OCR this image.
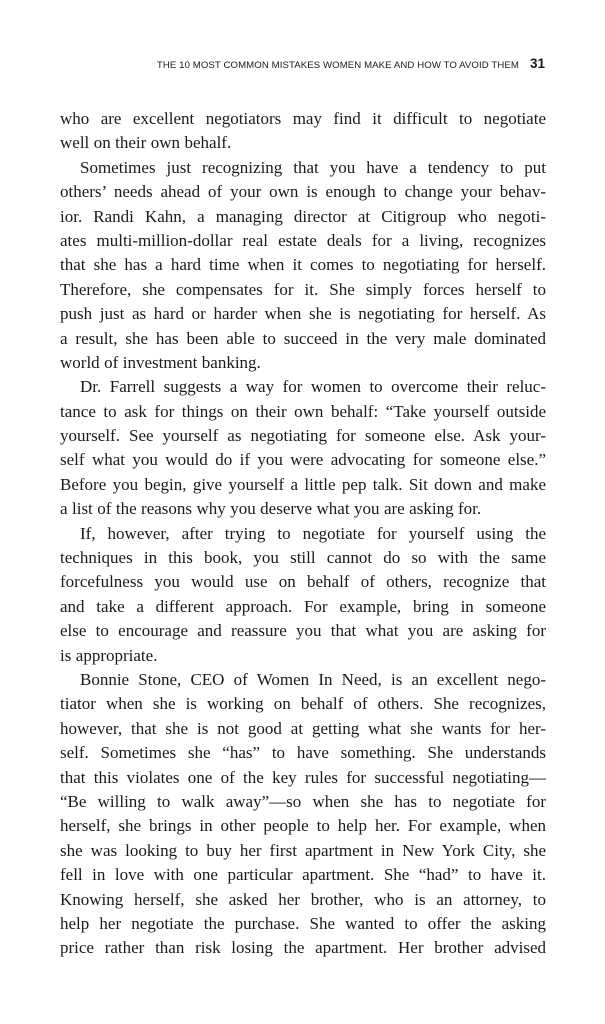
THE 10 MOST COMMON MISTAKES WOMEN MAKE AND HOW TO AVOID THEM 31
who are excellent negotiators may find it difficult to negotiate
well on their own behalf.
Sometimes just recognizing that you have a tendency to put
others’ needs ahead of your own is enough to change your behav-
ior. Randi Kahn, a managing director at Citigroup who negoti-
ates multi-million-dollar real estate deals for a living, recognizes
that she has a hard time when it comes to negotiating for herself.
Therefore, she compensates for it. She simply forces herself to
push just as hard or harder when she is negotiating for herself. As
a result, she has been able to succeed in the very male dominated
world of investment banking.
Dr. Farrell suggests a way for women to overcome their reluc-
tance to ask for things on their own behalf: “Take yourself outside
yourself. See yourself as negotiating for someone else. Ask your-
self what you would do if you were advocating for someone else.”
Before you begin, give yourself a little pep talk. Sit down and make
a list of the reasons why you deserve what you are asking for.
If, however, after trying to negotiate for yourself using the
techniques in this book, you still cannot do so with the same
forcefulness you would use on behalf of others, recognize that
and take a different approach. For example, bring in someone
else to encourage and reassure you that what you are asking for
is appropriate.
Bonnie Stone, CEO of Women In Need, is an excellent nego-
tiator when she is working on behalf of others. She recognizes,
however, that she is not good at getting what she wants for her-
self. Sometimes she “has” to have something. She understands
that this violates one of the key rules for successful negotiating—
“Be willing to walk away”—so when she has to negotiate for
herself, she brings in other people to help her. For example, when
she was looking to buy her first apartment in New York City, she
fell in love with one particular apartment. She “had” to have it.
Knowing herself, she asked her brother, who is an attorney, to
help her negotiate the purchase. She wanted to offer the asking
price rather than risk losing the apartment. Her brother advised
